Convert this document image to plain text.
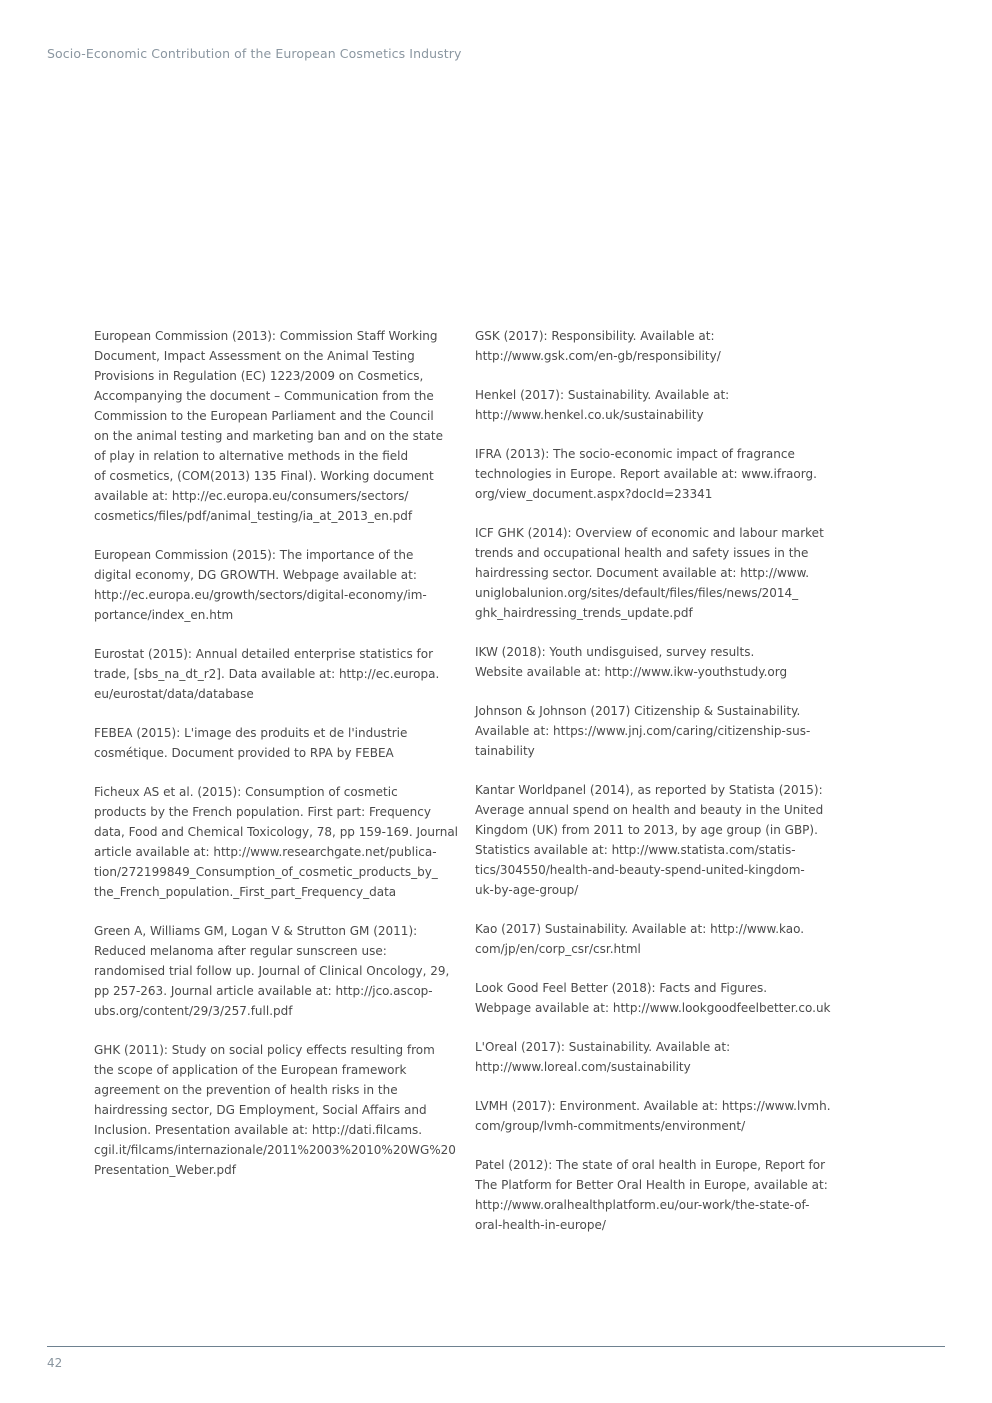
Socio-Economic Contribution of the European Cosmetics Industry

European Commission (2013): Commission Staff Working

Document, Impact Assessment on the Animal Testing

Provisions in Regulation (EC) 1223/2009 on Cosmetics,

Accompanying the document – Communication from the

Commission to the European Parliament and the Council

on the animal testing and marketing ban and on the state

of play in relation to alternative methods in the field

of cosmetics, (COM(2013) 135 Final). Working document

available at: http://ec.europa.eu/consumers/sectors/

cosmetics/files/pdf/animal_testing/ia_at_2013_en.pdf

European Commission (2015): The importance of the

digital economy, DG GROWTH. Webpage available at:

http://ec.europa.eu/growth/sectors/digital-economy/im-

portance/index_en.htm

Eurostat (2015): Annual detailed enterprise statistics for

trade, [sbs_na_dt_r2]. Data available at: http://ec.europa.

eu/eurostat/data/database

FEBEA (2015): L'image des produits et de l'industrie

cosmétique. Document provided to RPA by FEBEA

Ficheux AS et al. (2015): Consumption of cosmetic

products by the French population. First part: Frequency

data, Food and Chemical Toxicology, 78, pp 159-169. Journal

article available at: http://www.researchgate.net/publica-

tion/272199849_Consumption_of_cosmetic_products_by_

the_French_population._First_part_Frequency_data

Green A, Williams GM, Logan V & Strutton GM (2011):

Reduced melanoma after regular sunscreen use:

randomised trial follow up. Journal of Clinical Oncology, 29,

pp 257-263. Journal article available at: http://jco.ascop-

ubs.org/content/29/3/257.full.pdf

GHK (2011): Study on social policy effects resulting from

the scope of application of the European framework

agreement on the prevention of health risks in the

hairdressing sector, DG Employment, Social Affairs and

Inclusion. Presentation available at: http://dati.filcams.

cgil.it/filcams/internazionale/2011%2003%2010%20WG%20

Presentation_Weber.pdf

GSK (2017): Responsibility. Available at:

http://www.gsk.com/en-gb/responsibility/

Henkel (2017): Sustainability. Available at:

http://www.henkel.co.uk/sustainability

IFRA (2013): The socio-economic impact of fragrance

technologies in Europe. Report available at: www.ifraorg.

org/view_document.aspx?docId=23341

ICF GHK (2014): Overview of economic and labour market

trends and occupational health and safety issues in the

hairdressing sector. Document available at: http://www.

uniglobalunion.org/sites/default/files/files/news/2014_

ghk_hairdressing_trends_update.pdf

IKW (2018): Youth undisguised, survey results.

Website available at: http://www.ikw-youthstudy.org

Johnson & Johnson (2017) Citizenship & Sustainability.

Available at: https://www.jnj.com/caring/citizenship-sus-

tainability

Kantar Worldpanel (2014), as reported by Statista (2015):

Average annual spend on health and beauty in the United

Kingdom (UK) from 2011 to 2013, by age group (in GBP).

Statistics available at: http://www.statista.com/statis-

tics/304550/health-and-beauty-spend-united-kingdom-

uk-by-age-group/

Kao (2017) Sustainability. Available at: http://www.kao.

com/jp/en/corp_csr/csr.html

Look Good Feel Better (2018): Facts and Figures.

Webpage available at: http://www.lookgoodfeelbetter.co.uk

L'Oreal (2017): Sustainability. Available at:

http://www.loreal.com/sustainability

LVMH (2017): Environment. Available at: https://www.lvmh.

com/group/lvmh-commitments/environment/

Patel (2012): The state of oral health in Europe, Report for

The Platform for Better Oral Health in Europe, available at:

http://www.oralhealthplatform.eu/our-work/the-state-of-

oral-health-in-europe/

42
